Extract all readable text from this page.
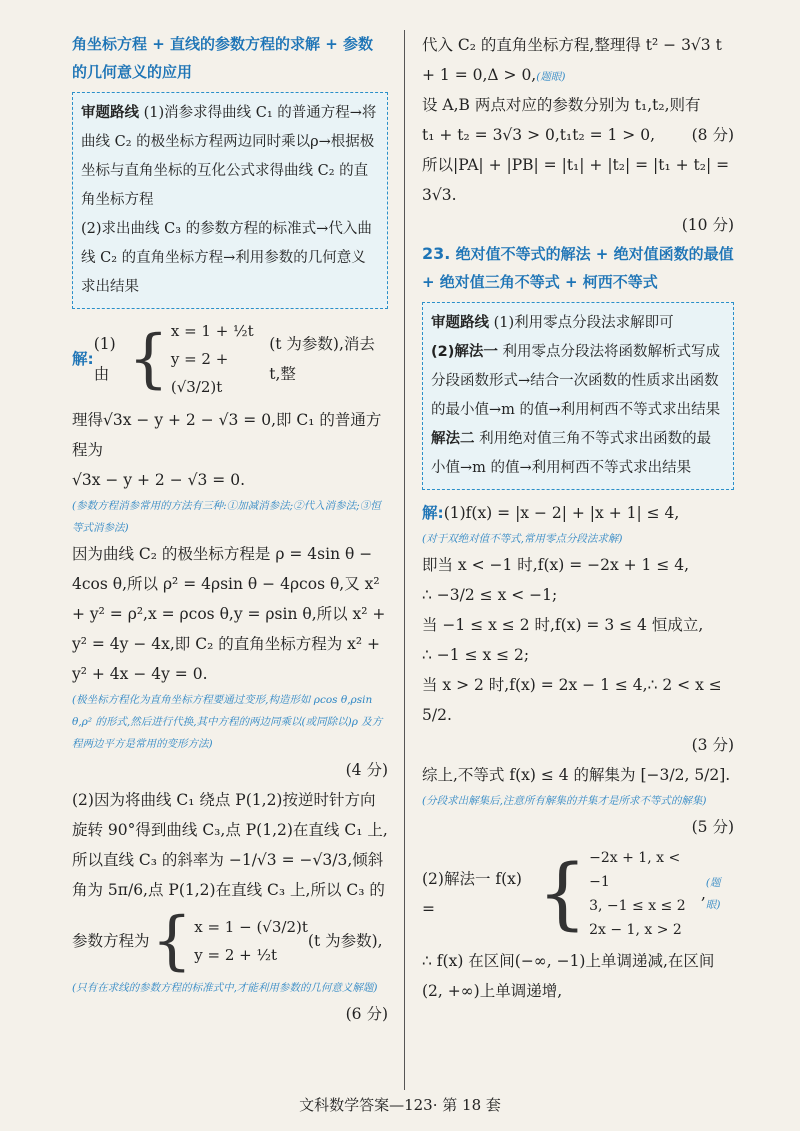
角坐标方程 + 直线的参数方程的求解 + 参数的几何意义的应用

审题路线 (1)消参求得曲线 C₁ 的普通方程→将曲线 C₂ 的极坐标方程两边同时乘以ρ→根据极坐标与直角坐标的互化公式求得曲线 C₂ 的直角坐标方程

(2)求出曲线 C₃ 的参数方程的标准式→代入曲线 C₂ 的直角坐标方程→利用参数的几何意义求出结果

解:
(1)由 { x = 1 + ½t
y = 2 + (√3/2)t
(t 为参数),消去 t,整

理得√3x − y + 2 − √3 = 0,即 C₁ 的普通方程为

√3x − y + 2 − √3 = 0.

(参数方程消参常用的方法有三种:①加减消参法;②代入消参法;③恒等式消参法)

因为曲线 C₂ 的极坐标方程是 ρ = 4sin θ − 4cos θ,所以 ρ² = 4ρsin θ − 4ρcos θ,又 x² + y² = ρ²,x = ρcos θ,y = ρsin θ,所以 x² + y² = 4y − 4x,即 C₂ 的直角坐标方程为 x² + y² + 4x − 4y = 0.

(极坐标方程化为直角坐标方程要通过变形,构造形如 ρcos θ,ρsin θ,ρ² 的形式,然后进行代换,其中方程的两边同乘以(或同除以)ρ 及方程两边平方是常用的变形方法)

(4 分)

(2)因为将曲线 C₁ 绕点 P(1,2)按逆时针方向旋转 90°得到曲线 C₃,点 P(1,2)在直线 C₁ 上,所以直线 C₃ 的斜率为 −1/√3 = −√3/3,倾斜角为 5π/6,点 P(1,2)在直线 C₃ 上,所以 C₃ 的

参数方程为 { x = 1 − (√3/2)t
y = 2 + ½t
(t 为参数),

(只有在求线的参数方程的标准式中,才能利用参数的几何意义解题)

(6 分)

代入 C₂ 的直角坐标方程,整理得 t² − 3√3 t + 1 = 0,Δ > 0,(题眼)

设 A,B 两点对应的参数分别为 t₁,t₂,则有

t₁ + t₂ = 3√3 > 0,t₁t₂ = 1 > 0, (8 分)

所以|PA| + |PB| = |t₁| + |t₂| = |t₁ + t₂| = 3√3.

(10 分)

23. 绝对值不等式的解法 + 绝对值函数的最值 + 绝对值三角不等式 + 柯西不等式

审题路线 (1)利用零点分段法求解即可

(2)解法一 利用零点分段法将函数解析式写成分段函数形式→结合一次函数的性质求出函数的最小值→m 的值→利用柯西不等式求出结果

解法二 利用绝对值三角不等式求出函数的最小值→m 的值→利用柯西不等式求出结果

解:(1)f(x) = |x − 2| + |x + 1| ≤ 4,

(对于双绝对值不等式,常用零点分段法求解)

即当 x < −1 时,f(x) = −2x + 1 ≤ 4,

∴ −3/2 ≤ x < −1;

当 −1 ≤ x ≤ 2 时,f(x) = 3 ≤ 4 恒成立,

∴ −1 ≤ x ≤ 2;

当 x > 2 时,f(x) = 2x − 1 ≤ 4,∴ 2 < x ≤ 5/2.

(3 分)

综上,不等式 f(x) ≤ 4 的解集为 [−3/2, 5/2].

(分段求出解集后,注意所有解集的并集才是所求不等式的解集)

(5 分)

(2)解法一 f(x) =	{ −2x + 1, x < −1
3, −1 ≤ x ≤ 2
2x − 1, x > 2
,
(题眼)

∴ f(x) 在区间(−∞, −1)上单调递减,在区间(2, +∞)上单调递增,

文科数学答案—123· 第 18 套
